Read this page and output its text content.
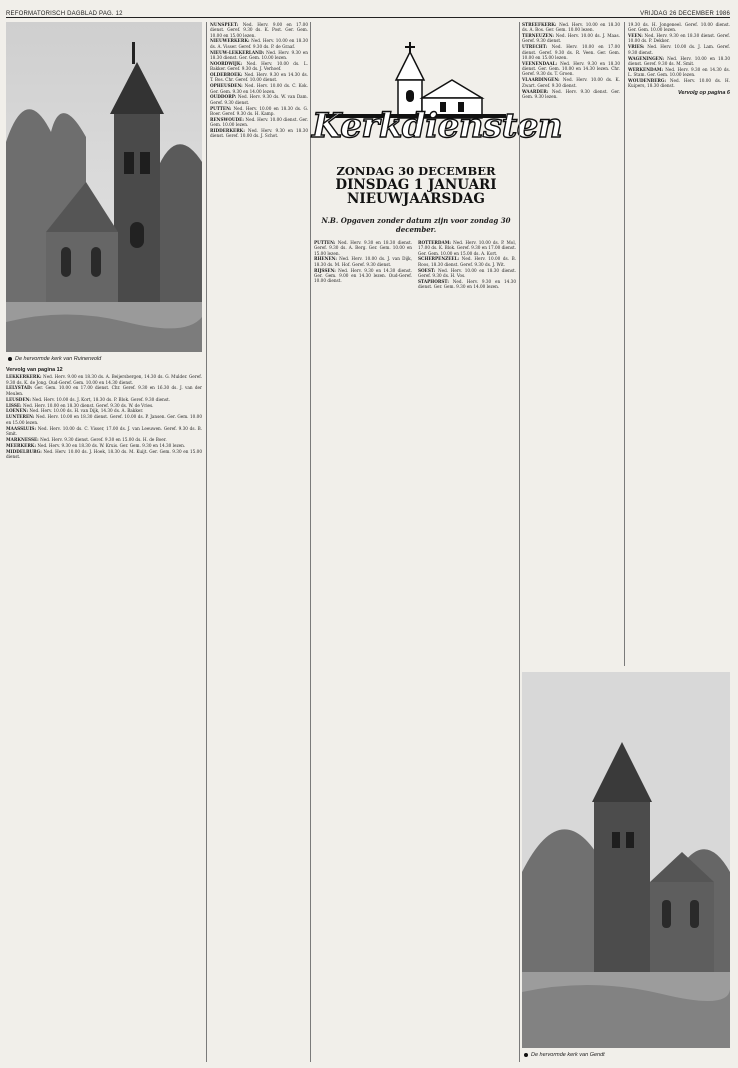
REFORMATORISCH DAGBLAD PAG. 12	VRIJDAG 26 DECEMBER 1986
De hervormde kerk van Ruinerwold
Vervolg van pagina 12

LEKKERKERK: Ned. Herv. 9.00 en 18.30 ds. A. Beijersbergen, 14.30 ds. G. Mulder. Geref. 9.30 ds. K. de Jong. Oud-Geref. Gem. 10.00 en 14.30 dienst.

LELYSTAD: Ger. Gem. 10.00 en 17.00 dienst. Chr. Geref. 9.30 en 16.30 ds. J. van der Meulen.

LEUSDEN: Ned. Herv. 10.00 ds. J. Kort, 18.30 ds. P. Blok. Geref. 9.30 dienst.

LISSE: Ned. Herv. 10.00 en 18.30 dienst. Geref. 9.30 ds. W. de Vries.

LOENEN: Ned. Herv. 10.00 ds. H. van Dijk, 14.30 ds. A. Bakker.

LUNTEREN: Ned. Herv. 10.00 en 18.30 dienst. Geref. 10.00 ds. P. Jansen. Ger. Gem. 10.00 en 15.00 lezen.

MAASSLUIS: Ned. Herv. 10.00 ds. C. Visser, 17.00 ds. J. van Leeuwen. Geref. 9.30 ds. B. Smit.

MARKNESSE: Ned. Herv. 9.30 dienst. Geref. 9.30 en 15.00 ds. H. de Boer.

MEERKERK: Ned. Herv. 9.30 en 18.30 ds. W. Kruis. Ger. Gem. 9.30 en 14.30 lezen.

MIDDELBURG: Ned. Herv. 10.00 ds. J. Hoek, 18.30 ds. M. Kuijt. Ger. Gem. 9.30 en 15.00 dienst.

NUNSPEET: Ned. Herv. 9.00 en 17.00 dienst. Geref. 9.30 ds. K. Post. Ger. Gem. 10.00 en 15.00 lezen.

NIEUWERKERK: Ned. Herv. 10.00 en 18.30 ds. A. Visser. Geref. 9.30 ds. P. de Graaf.

NIEUW-LEKKERLAND: Ned. Herv. 9.30 en 18.30 dienst. Ger. Gem. 10.00 lezen.

NOORDWIJK: Ned. Herv. 10.00 ds. L. Bakker. Geref. 9.30 ds. J. Verhoef.

OLDEBROEK: Ned. Herv. 9.30 en 14.30 ds. T. Bos. Chr. Geref. 10.00 dienst.

OPHEUSDEN: Ned. Herv. 10.00 ds. C. Kok. Ger. Gem. 9.30 en 14.00 lezen.

OUDDORP: Ned. Herv. 9.30 ds. W. van Dam. Geref. 9.30 dienst.

PUTTEN: Ned. Herv. 10.00 en 18.30 ds. G. Boer. Geref. 9.30 ds. H. Kamp.

RENSWOUDE: Ned. Herv. 10.00 dienst. Ger. Gem. 10.00 lezen.

RIDDERKERK: Ned. Herv. 9.30 en 18.30 dienst. Geref. 10.00 ds. J. Schot. Kerkdiensten
ZONDAG 30 DECEMBER
DINSDAG 1 JANUARI
NIEUWJAARSDAG
N.B. Opgaven zonder datum zijn voor zondag 30 december.

PUTTEN: Ned. Herv. 9.30 en 18.30 dienst. Geref. 9.30 ds. A. Berg. Ger. Gem. 10.00 en 15.00 lezen.

RHENEN: Ned. Herv. 10.00 ds. J. van Dijk, 18.30 ds. M. Hof. Geref. 9.30 dienst.

RIJSSEN: Ned. Herv. 9.30 en 14.30 dienst. Ger. Gem. 9.00 en 14.30 lezen. Oud-Geref. 10.00 dienst.

ROTTERDAM: Ned. Herv. 10.00 ds. P. Mol, 17.00 ds. K. Blok. Geref. 9.30 en 17.00 dienst. Ger. Gem. 10.00 en 15.00 ds. A. Kort.

SCHERPENZEEL: Ned. Herv. 10.00 ds. B. Roos, 18.30 dienst. Geref. 9.30 ds. J. Wit.

SOEST: Ned. Herv. 10.00 en 18.30 dienst. Geref. 9.30 ds. H. Vos.

STAPHORST: Ned. Herv. 9.30 en 14.30 dienst. Ger. Gem. 9.30 en 14.00 lezen.

STREEFKERK: Ned. Herv. 10.00 en 18.30 ds. A. Bos. Ger. Gem. 10.00 lezen.

TERNEUZEN: Ned. Herv. 10.00 ds. J. Maas. Geref. 9.30 dienst.

UTRECHT: Ned. Herv. 10.00 en 17.00 dienst. Geref. 9.30 ds. R. Veen. Ger. Gem. 10.00 en 15.00 lezen.

VEENENDAAL: Ned. Herv. 9.30 en 18.30 dienst. Ger. Gem. 10.00 en 14.30 lezen. Chr. Geref. 9.30 ds. T. Groen.

VLAARDINGEN: Ned. Herv. 10.00 ds. K. Zwart. Geref. 9.30 dienst.

WAARDER: Ned. Herv. 9.30 dienst. Ger. Gem. 9.30 lezen.

19.30 ds. H. Jongeneel. Geref. 10.00 dienst. Ger. Gem. 10.00 lezen.

VEEN: Ned. Herv. 9.30 en 18.30 dienst. Geref. 10.00 ds. P. Dekker.

VRIES: Ned. Herv. 10.00 ds. J. Lam. Geref. 9.30 dienst.

WAGENINGEN: Ned. Herv. 10.00 en 18.30 dienst. Geref. 9.30 ds. M. Smit.

WERKENDAM: Ned. Herv. 9.30 en 14.30 ds. L. Stam. Ger. Gem. 10.00 lezen.

WOUDENBERG: Ned. Herv. 10.00 ds. H. Kuipers, 18.30 dienst.

Vervolg op pagina 6
De hervormde kerk van Gendt
